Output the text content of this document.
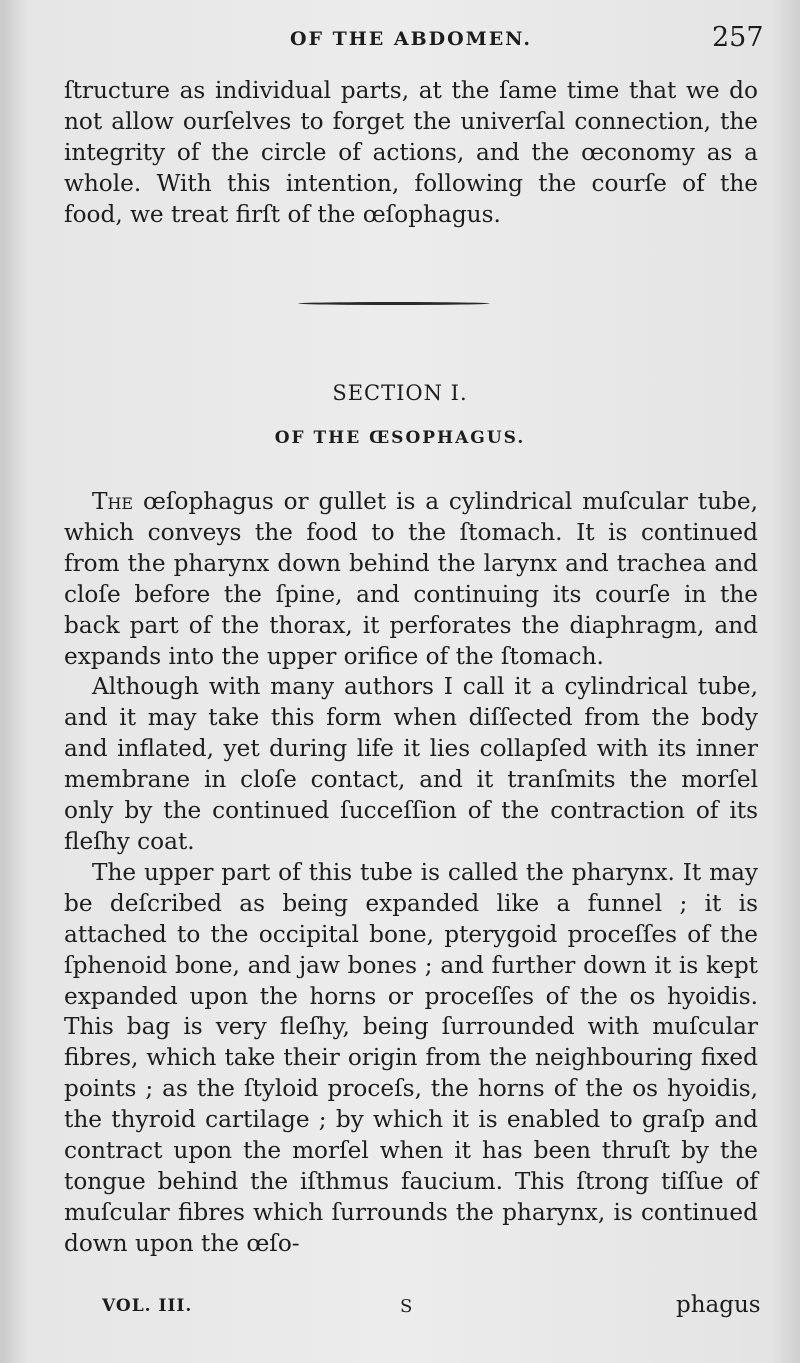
OF THE ABDOMEN.	257

ſtructure as individual parts, at the ſame time that we do not allow ourſelves to forget the univerſal connection, the integrity of the circle of actions, and the œconomy as a whole. With this intention, following the courſe of the food, we treat firſt of the œſophagus.

SECTION I.
OF THE ŒSOPHAGUS.

The œſophagus or gullet is a cylindrical muſcular tube, which conveys the food to the ſtomach. It is continued from the pharynx down behind the larynx and trachea and cloſe before the ſpine, and continuing its courſe in the back part of the thorax, it perforates the diaphragm, and expands into the upper orifice of the ſtomach.

Although with many authors I call it a cylindrical tube, and it may take this form when diſſected from the body and inflated, yet during life it lies collapſed with its inner membrane in cloſe contact, and it tranſmits the morſel only by the continued ſucceſſion of the contraction of its fleſhy coat.

The upper part of this tube is called the pharynx. It may be deſcribed as being expanded like a funnel ; it is attached to the occipital bone, pterygoid proceſſes of the ſphenoid bone, and jaw bones ; and further down it is kept expanded upon the horns or proceſſes of the os hyoidis. This bag is very fleſhy, being ſurrounded with muſcular fibres, which take their origin from the neighbouring fixed points ; as the ſtyloid proceſs, the horns of the os hyoidis, the thyroid cartilage ; by which it is enabled to graſp and contract upon the morſel when it has been thruſt by the tongue behind the iſthmus faucium. This ſtrong tiſſue of muſcular fibres which ſurrounds the pharynx, is continued down upon the œſo-

VOL. III.	S	phagus
